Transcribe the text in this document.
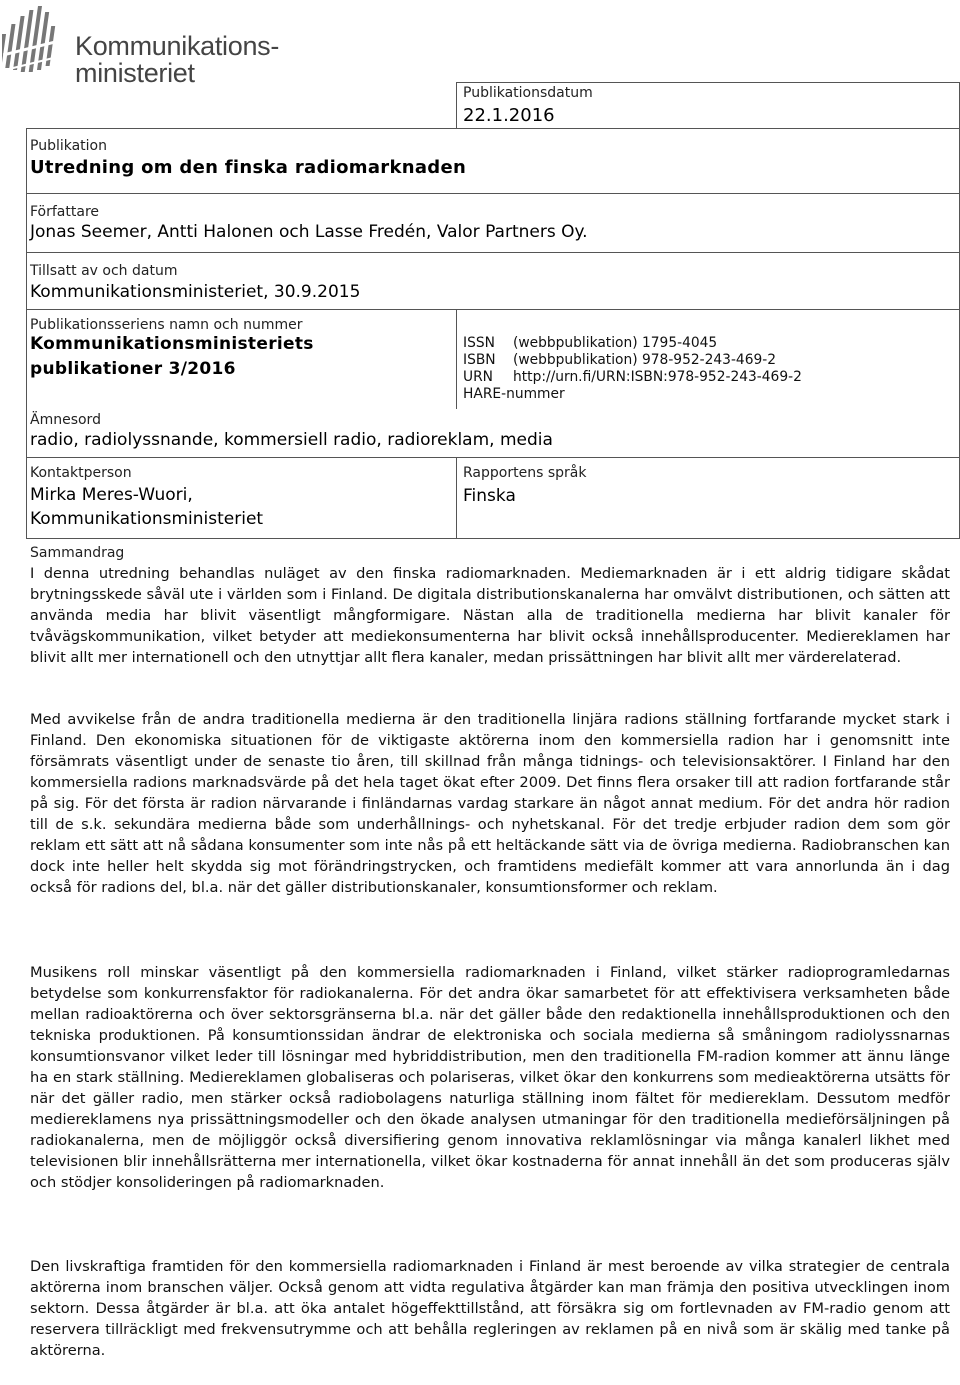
Kommunikations-
ministeriet
Publikationsdatum
22.1.2016
Publikation
Utredning om den finska radiomarknaden
Författare
Jonas Seemer, Antti Halonen och Lasse Fredén, Valor Partners Oy.
Tillsatt av och datum
Kommunikationsministeriet, 30.9.2015
Publikationsseriens namn och nummer
Kommunikationsministeriets
publikationer 3/2016
ISSN (webbpublikation) 1795-4045
ISBN (webbpublikation) 978-952-243-469-2
URN http://urn.fi/URN:ISBN:978-952-243-469-2
HARE-nummer
Ämnesord
radio, radiolyssnande, kommersiell radio, radioreklam, media
Kontaktperson
Mirka Meres-Wuori,
Kommunikationsministeriet
Rapportens språk
Finska
Sammandrag

I denna utredning behandlas nuläget av den finska radiomarknaden. Mediemarknaden är i ett aldrig tidigare skådat brytningsskede såväl ute i världen som i Finland. De digitala distributionskanalerna har omvälvt distributionen, och sätten att använda media har blivit väsentligt mångformigare. Nästan alla de traditionella medierna har blivit kanaler för tvåvägskommunikation, vilket betyder att mediekonsumenterna har blivit också innehållsproducenter. Mediereklamen har blivit allt mer internationell och den utnyttjar allt flera kanaler, medan prissättningen har blivit allt mer värderelaterad.

Med avvikelse från de andra traditionella medierna är den traditionella linjära radions ställning fortfarande mycket stark i Finland. Den ekonomiska situationen för de viktigaste aktörerna inom den kommersiella radion har i genomsnitt inte försämrats väsentligt under de senaste tio åren, till skillnad från många tidnings- och televisionsaktörer. I Finland har den kommersiella radions marknadsvärde på det hela taget ökat efter 2009. Det finns flera orsaker till att radion fortfarande står på sig. För det första är radion närvarande i finländarnas vardag starkare än något annat medium. För det andra hör radion till de s.k. sekundära medierna både som underhållnings- och nyhetskanal. För det tredje erbjuder radion dem som gör reklam ett sätt att nå sådana konsumenter som inte nås på ett heltäckande sätt via de övriga medierna. Radiobranschen kan dock inte heller helt skydda sig mot förändringstrycken, och framtidens mediefält kommer att vara annorlunda än i dag också för radions del, bl.a. när det gäller distributionskanaler, konsumtionsformer och reklam.

Musikens roll minskar väsentligt på den kommersiella radiomarknaden i Finland, vilket stärker radioprogramledarnas betydelse som konkurrensfaktor för radiokanalerna. För det andra ökar samarbetet för att effektivisera verksamheten både mellan radioaktörerna och över sektorsgränserna bl.a. när det gäller både den redaktionella innehållsproduktionen och den tekniska produktionen. På konsumtionssidan ändrar de elektroniska och sociala medierna så småningom radiolyssnarnas konsumtionsvanor vilket leder till lösningar med hybriddistribution, men den traditionella FM-radion kommer att ännu länge ha en stark ställning. Mediereklamen globaliseras och polariseras, vilket ökar den konkurrens som medieaktörerna utsätts för när det gäller radio, men stärker också radiobolagens naturliga ställning inom fältet för mediereklam. Dessutom medför mediereklamens nya prissättningsmodeller och den ökade analysen utmaningar för den traditionella medieförsäljningen på radiokanalerna, men de möjliggör också diversifiering genom innovativa reklamlösningar via många kanalerl likhet med televisionen blir innehållsrätterna mer internationella, vilket ökar kostnaderna för annat innehåll än det som produceras själv och stödjer konsolideringen på radiomarknaden.

Den livskraftiga framtiden för den kommersiella radiomarknaden i Finland är mest beroende av vilka strategier de centrala aktörerna inom branschen väljer. Också genom att vidta regulativa åtgärder kan man främja den positiva utvecklingen inom sektorn. Dessa åtgärder är bl.a. att öka antalet högeffekttillstånd, att försäkra sig om fortlevnaden av FM-radio genom att reservera tillräckligt med frekvensutrymme och att behålla regleringen av reklamen på en nivå som är skälig med tanke på aktörerna.
